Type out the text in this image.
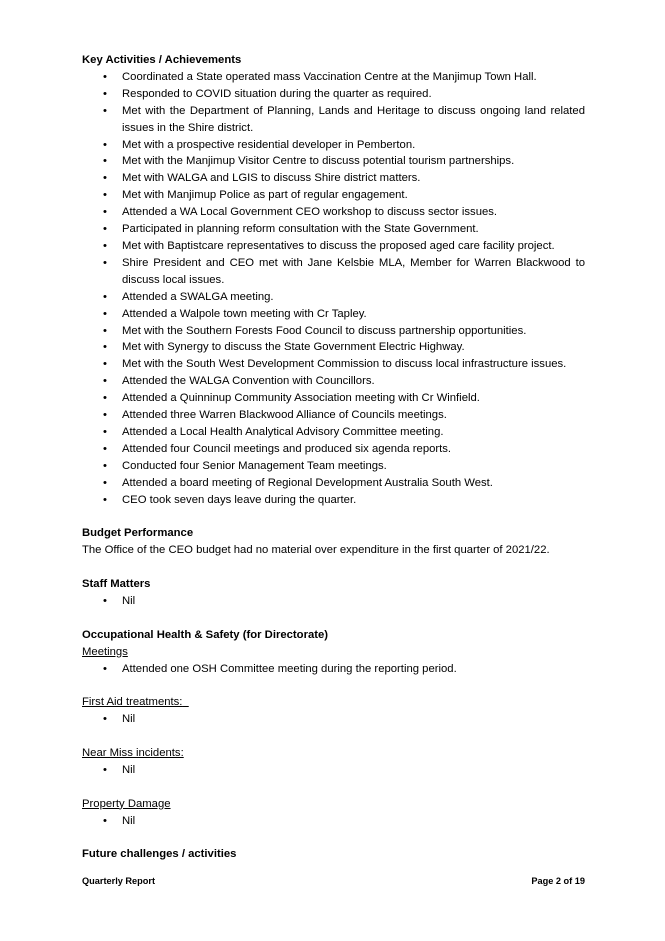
Key Activities / Achievements
• Coordinated a State operated mass Vaccination Centre at the Manjimup Town Hall.
• Responded to COVID situation during the quarter as required.
• Met with the Department of Planning, Lands and Heritage to discuss ongoing land related issues in the Shire district.
• Met with a prospective residential developer in Pemberton.
• Met with the Manjimup Visitor Centre to discuss potential tourism partnerships.
• Met with WALGA and LGIS to discuss Shire district matters.
• Met with Manjimup Police as part of regular engagement.
• Attended a WA Local Government CEO workshop to discuss sector issues.
• Participated in planning reform consultation with the State Government.
• Met with Baptistcare representatives to discuss the proposed aged care facility project.
• Shire President and CEO met with Jane Kelsbie MLA, Member for Warren Blackwood to discuss local issues.
• Attended a SWALGA meeting.
• Attended a Walpole town meeting with Cr Tapley.
• Met with the Southern Forests Food Council to discuss partnership opportunities.
• Met with Synergy to discuss the State Government Electric Highway.
• Met with the South West Development Commission to discuss local infrastructure issues.
• Attended the WALGA Convention with Councillors.
• Attended a Quinninup Community Association meeting with Cr Winfield.
• Attended three Warren Blackwood Alliance of Councils meetings.
• Attended a Local Health Analytical Advisory Committee meeting.
• Attended four Council meetings and produced six agenda reports.
• Conducted four Senior Management Team meetings.
• Attended a board meeting of Regional Development Australia South West.
• CEO took seven days leave during the quarter.
Budget Performance
The Office of the CEO budget had no material over expenditure in the first quarter of 2021/22.
Staff Matters
• Nil
Occupational Health & Safety (for Directorate)
Meetings
• Attended one OSH Committee meeting during the reporting period.
First Aid treatments:
• Nil
Near Miss incidents:
• Nil
Property Damage
• Nil
Future challenges / activities
Quarterly Report	Page 2 of 19
